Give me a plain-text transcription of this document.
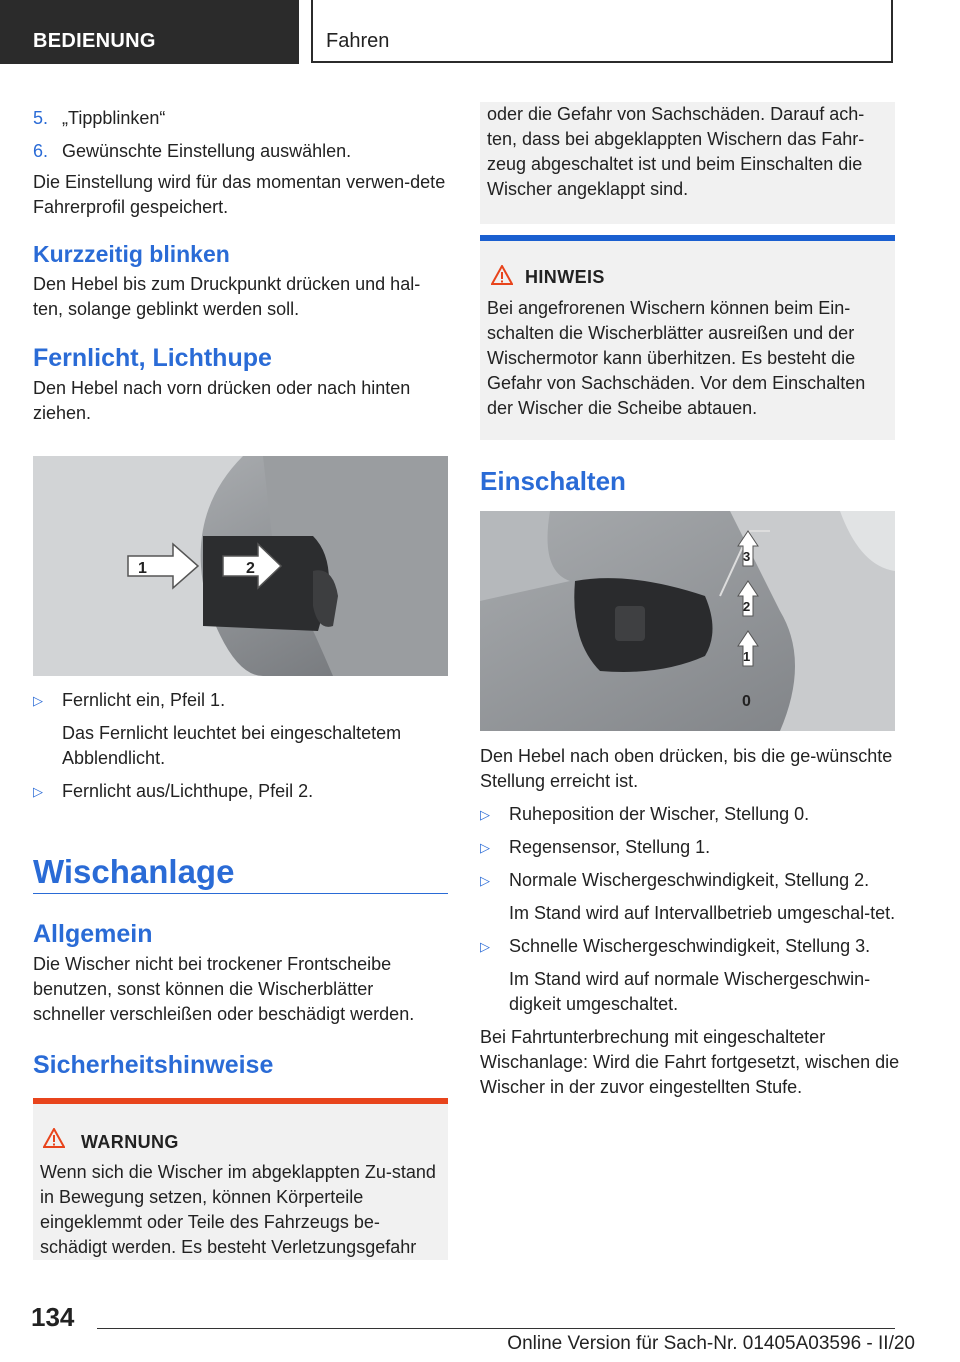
BEDIENUNG	Fahren
5. „Tippblinken“
6. Gewünschte Einstellung auswählen.

Die Einstellung wird für das momentan verwen-dete Fahrerprofil gespeichert.

Kurzzeitig blinken

Den Hebel bis zum Druckpunkt drücken und hal-ten, solange geblinkt werden soll.

Fernlicht, Lichthupe

Den Hebel nach vorn drücken oder nach hinten ziehen.

1	2
▷ Fernlicht ein, Pfeil 1.
Das Fernlicht leuchtet bei eingeschaltetem Abblendlicht.
▷ Fernlicht aus/Lichthupe, Pfeil 2.
Wischanlage
Allgemein

Die Wischer nicht bei trockener Frontscheibe benutzen, sonst können die Wischerblätter schneller verschleißen oder beschädigt werden.

Sicherheitshinweise
WARNUNG
Wenn sich die Wischer im abgeklappten Zu-stand in Bewegung setzen, können Körperteile eingeklemmt oder Teile des Fahrzeugs be-schädigt werden. Es besteht Verletzungsgefahr
oder die Gefahr von Sachschäden. Darauf ach-ten, dass bei abgeklappten Wischern das Fahr-zeug abgeschaltet ist und beim Einschalten die Wischer angeklappt sind.
HINWEIS
Bei angefrorenen Wischern können beim Ein-schalten die Wischerblätter ausreißen und der Wischermotor kann überhitzen. Es besteht die Gefahr von Sachschäden. Vor dem Einschalten der Wischer die Scheibe abtauen.
Einschalten
3
2
1
0

Den Hebel nach oben drücken, bis die ge-wünschte Stellung erreicht ist.

▷ Ruheposition der Wischer, Stellung 0.
▷ Regensensor, Stellung 1.
▷ Normale Wischergeschwindigkeit, Stellung 2.
Im Stand wird auf Intervallbetrieb umgeschal-tet.
▷ Schnelle Wischergeschwindigkeit, Stellung 3.
Im Stand wird auf normale Wischergeschwin-digkeit umgeschaltet.

Bei Fahrtunterbrechung mit eingeschalteter Wischanlage: Wird die Fahrt fortgesetzt, wischen die Wischer in der zuvor eingestellten Stufe.

134
Online Version für Sach-Nr. 01405A03596 - II/20
